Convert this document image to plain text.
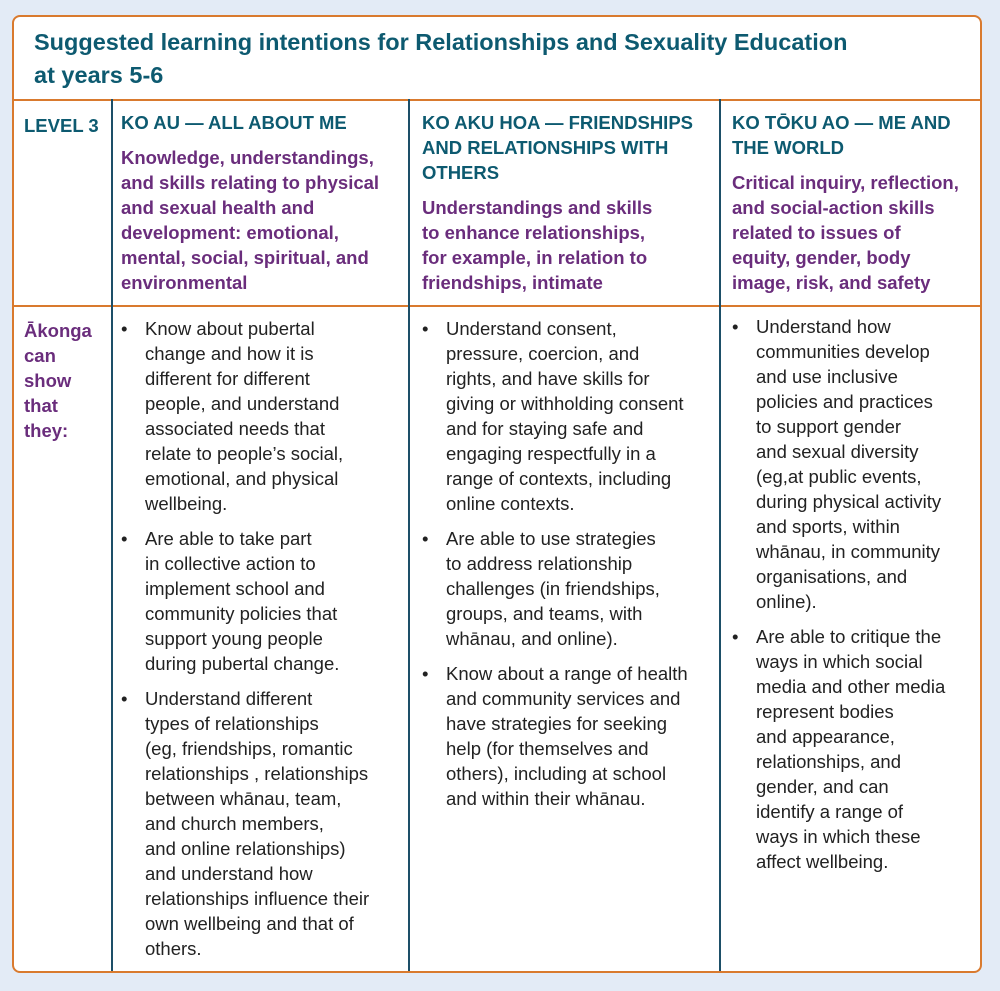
Suggested learning intentions for Relationships and Sexuality Education
at years 5-6
LEVEL 3	KO AU — ALL ABOUT ME
Knowledge, understandings,
and skills relating to physical
and sexual health and
development: emotional,
mental, social, spiritual, and
environmental
KO AKU HOA — FRIENDSHIPS
AND RELATIONSHIPS WITH
OTHERS
Understandings and skills
to enhance relationships,
for example, in relation to
friendships, intimate
KO TŌKU AO — ME AND
THE WORLD
Critical inquiry, reflection,
and social-action skills
related to issues of
equity, gender, body
image, risk, and safety
Ākonga
can
show
that
they:
• Know about pubertal
change and how it is
different for different
people, and understand
associated needs that
relate to people’s social,
emotional, and physical
wellbeing.
• Are able to take part
in collective action to
implement school and
community policies that
support young people
during pubertal change.
• Understand different
types of relationships
(eg, friendships, romantic
relationships , relationships
between whānau, team,
and church members,
and online relationships)
and understand how
relationships influence their
own wellbeing and that of
others.
• Understand consent,
pressure, coercion, and
rights, and have skills for
giving or withholding consent
and for staying safe and
engaging respectfully in a
range of contexts, including
online contexts.
• Are able to use strategies
to address relationship
challenges (in friendships,
groups, and teams, with
whānau, and online).
• Know about a range of health
and community services and
have strategies for seeking
help (for themselves and
others), including at school
and within their whānau.
• Understand how
communities develop
and use inclusive
policies and practices
to support gender
and sexual diversity
(eg,at public events,
during physical activity
and sports, within
whānau, in community
organisations, and
online).
• Are able to critique the
ways in which social
media and other media
represent bodies
and appearance,
relationships, and
gender, and can
identify a range of
ways in which these
affect wellbeing.
